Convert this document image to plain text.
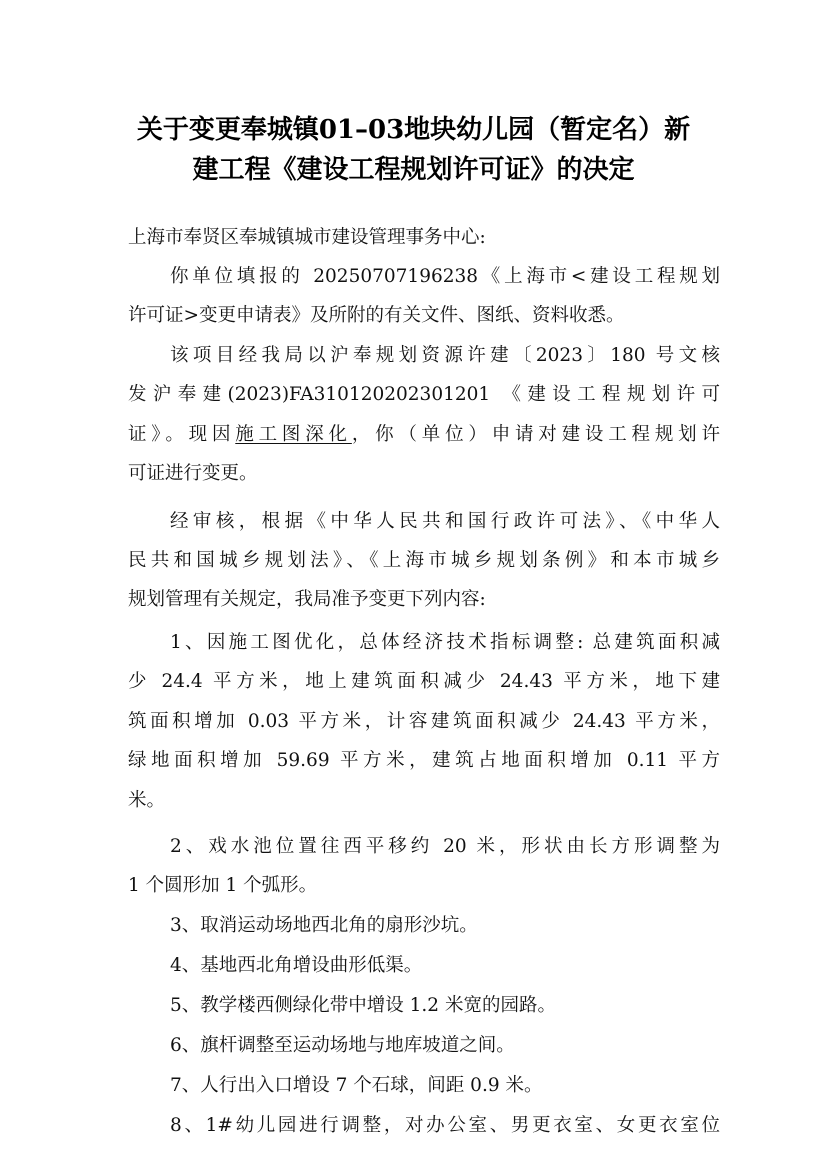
关于变更奉城镇01–03地块幼儿园（暂定名）新
建工程《建设工程规划许可证》的决定
上海市奉贤区奉城镇城市建设管理事务中心:
你单位填报的 20250707196238《上海市<建设工程规划
许可证>变更申请表》及所附的有关文件、图纸、资料收悉。
该项目经我局以沪奉规划资源许建〔2023〕180 号文核
发沪奉建(2023)FA310120202301201 《建设工程规划许可
证》。现因施工图深化，你（单位）申请对建设工程规划许
可证进行变更。
经审核，根据《中华人民共和国行政许可法》、《中华人
民共和国城乡规划法》、《上海市城乡规划条例》和本市城乡
规划管理有关规定，我局准予变更下列内容:
1、因施工图优化，总体经济技术指标调整: 总建筑面积减
少 24.4 平方米，地上建筑面积减少 24.43 平方米，地下建
筑面积增加 0.03 平方米，计容建筑面积减少 24.43 平方米，
绿地面积增加 59.69 平方米，建筑占地面积增加 0.11 平方
米。
2、戏水池位置往西平移约 20 米，形状由长方形调整为
1 个圆形加 1 个弧形。
3、取消运动场地西北角的扇形沙坑。
4、基地西北角增设曲形低渠。
5、教学楼西侧绿化带中增设 1.2 米宽的园路。
6、旗杆调整至运动场地与地库坡道之间。
7、人行出入口增设 7 个石球，间距 0.9 米。
8、1#幼儿园进行调整，对办公室、男更衣室、女更衣室位
